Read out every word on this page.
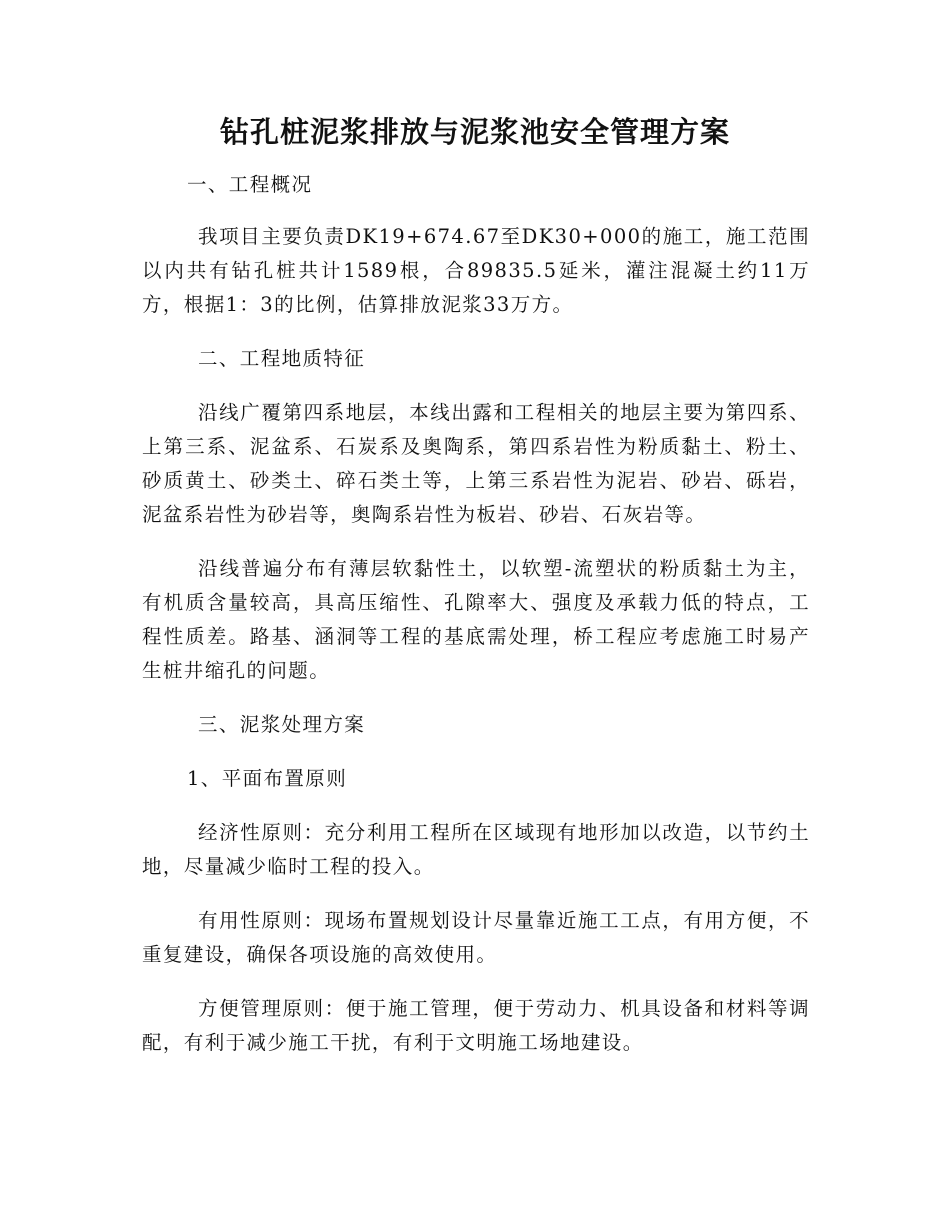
钻孔桩泥浆排放与泥浆池安全管理方案

一、工程概况

我项目主要负责DK19+674.67至DK30+000的施工，施工范围以内共有钻孔桩共计1589根，合89835.5延米，灌注混凝土约11万方，根据1：3的比例，估算排放泥浆33万方。

二、工程地质特征

沿线广覆第四系地层，本线出露和工程相关的地层主要为第四系、上第三系、泥盆系、石炭系及奥陶系，第四系岩性为粉质黏土、粉土、砂质黄土、砂类土、碎石类土等，上第三系岩性为泥岩、砂岩、砾岩，泥盆系岩性为砂岩等，奥陶系岩性为板岩、砂岩、石灰岩等。

沿线普遍分布有薄层软黏性土，以软塑-流塑状的粉质黏土为主，有机质含量较高，具高压缩性、孔隙率大、强度及承载力低的特点，工程性质差。路基、涵洞等工程的基底需处理，桥工程应考虑施工时易产生桩井缩孔的问题。

三、泥浆处理方案

1、平面布置原则

经济性原则：充分利用工程所在区域现有地形加以改造，以节约土地，尽量减少临时工程的投入。

有用性原则：现场布置规划设计尽量靠近施工工点，有用方便，不重复建设，确保各项设施的高效使用。

方便管理原则：便于施工管理，便于劳动力、机具设备和材料等调配，有利于减少施工干扰，有利于文明施工场地建设。
